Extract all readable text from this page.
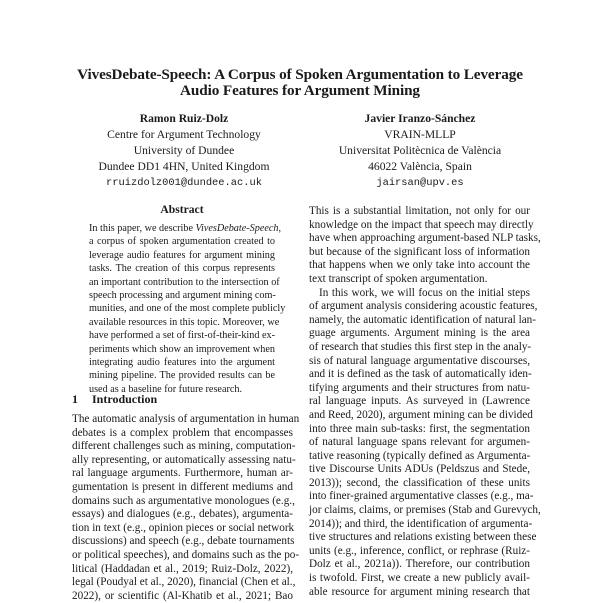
VivesDebate-Speech: A Corpus of Spoken Argumentation to Leverage
Audio Features for Argument Mining
Ramon Ruiz-Dolz
Centre for Argument Technology
University of Dundee
Dundee DD1 4HN, United Kingdom
rruizdolz001@dundee.ac.uk
Javier Iranzo-Sánchez
VRAIN-MLLP
Universitat Politècnica de València
46022 València, Spain
jairsan@upv.es
Abstract
In this paper, we describe VivesDebate-Speech,
a corpus of spoken argumentation created to
leverage audio features for argument mining
tasks. The creation of this corpus represents
an important contribution to the intersection of
speech processing and argument mining com-
munities, and one of the most complete publicly
available resources in this topic. Moreover, we
have performed a set of first-of-their-kind ex-
periments which show an improvement when
integrating audio features into the argument
mining pipeline. The provided results can be
used as a baseline for future research.
1 Introduction
The automatic analysis of argumentation in human
debates is a complex problem that encompasses
different challenges such as mining, computation-
ally representing, or automatically assessing natu-
ral language arguments. Furthermore, human ar-
gumentation is present in different mediums and
domains such as argumentative monologues (e.g.,
essays) and dialogues (e.g., debates), argumenta-
tion in text (e.g., opinion pieces or social network
discussions) and speech (e.g., debate tournaments
or political speeches), and domains such as the po-
litical (Haddadan et al., 2019; Ruiz-Dolz, 2022),
legal (Poudyal et al., 2020), financial (Chen et al.,
2022), or scientific (Al-Khatib et al., 2021; Bao
This is a substantial limitation, not only for our
knowledge on the impact that speech may directly
have when approaching argument-based NLP tasks,
but because of the significant loss of information
that happens when we only take into account the
text transcript of spoken argumentation.
In this work, we will focus on the initial steps
of argument analysis considering acoustic features,
namely, the automatic identification of natural lan-
guage arguments. Argument mining is the area
of research that studies this first step in the analy-
sis of natural language argumentative discourses,
and it is defined as the task of automatically iden-
tifying arguments and their structures from natu-
ral language inputs. As surveyed in (Lawrence
and Reed, 2020), argument mining can be divided
into three main sub-tasks: first, the segmentation
of natural language spans relevant for argumen-
tative reasoning (typically defined as Argumenta-
tive Discourse Units ADUs (Peldszus and Stede,
2013)); second, the classification of these units
into finer-grained argumentative classes (e.g., ma-
jor claims, claims, or premises (Stab and Gurevych,
2014)); and third, the identification of argumenta-
tive structures and relations existing between these
units (e.g., inference, conflict, or rephrase (Ruiz-
Dolz et al., 2021a)). Therefore, our contribution
is twofold. First, we create a new publicly avail-
able resource for argument mining research that
